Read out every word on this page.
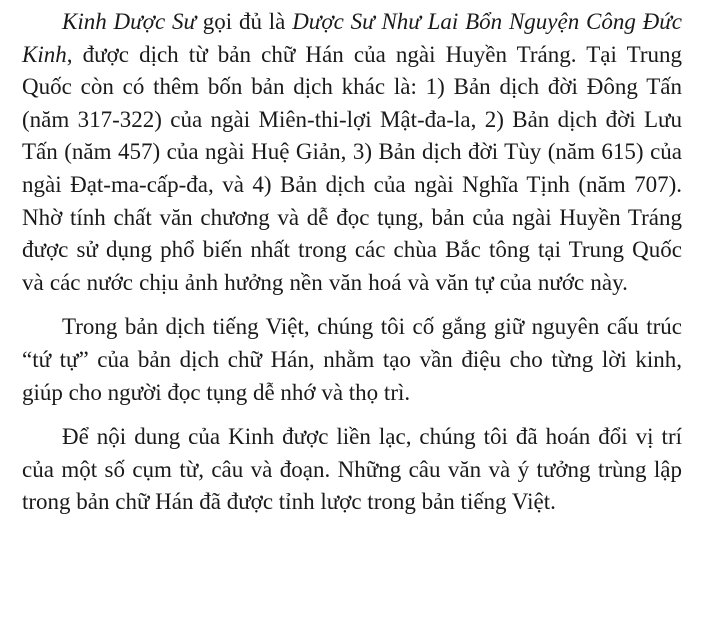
Kinh Dược Sư gọi đủ là Dược Sư Như Lai Bổn Nguyện Công Đức Kinh, được dịch từ bản chữ Hán của ngài Huyền Tráng. Tại Trung Quốc còn có thêm bốn bản dịch khác là: 1) Bản dịch đời Đông Tấn (năm 317-322) của ngài Miên-thi-lợi Mật-đa-la, 2) Bản dịch đời Lưu Tấn (năm 457) của ngài Huệ Giản, 3) Bản dịch đời Tùy (năm 615) của ngài Đạt-ma-cấp-đa, và 4) Bản dịch của ngài Nghĩa Tịnh (năm 707). Nhờ tính chất văn chương và dễ đọc tụng, bản của ngài Huyền Tráng được sử dụng phổ biến nhất trong các chùa Bắc tông tại Trung Quốc và các nước chịu ảnh hưởng nền văn hoá và văn tự của nước này.

Trong bản dịch tiếng Việt, chúng tôi cố gắng giữ nguyên cấu trúc “tứ tự” của bản dịch chữ Hán, nhằm tạo vần điệu cho từng lời kinh, giúp cho người đọc tụng dễ nhớ và thọ trì.

Để nội dung của Kinh được liền lạc, chúng tôi đã hoán đổi vị trí của một số cụm từ, câu và đoạn. Những câu văn và ý tưởng trùng lập trong bản chữ Hán đã được tỉnh lược trong bản tiếng Việt.
